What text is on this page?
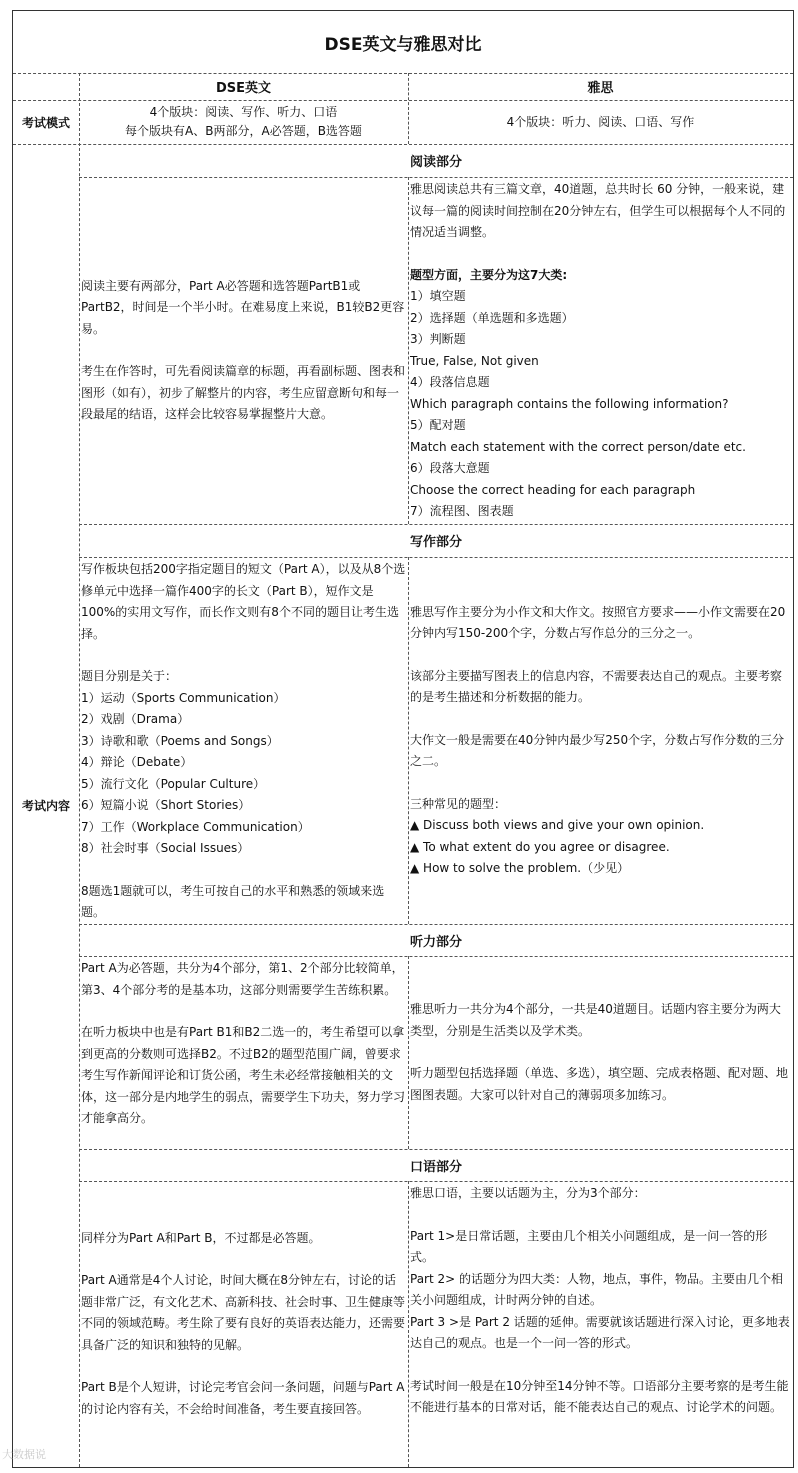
DSE英文与雅思对比
DSE英文	雅思
考试模式
4个版块：阅读、写作、听力、口语
每个版块有A、B两部分，A必答题，B选答题
4个版块：听力、阅读、口语、写作
考试内容
阅读部分

阅读主要有两部分，Part A必答题和选答题PartB1或PartB2，时间是一个半小时。在难易度上来说，B1较B2更容易。

考生在作答时，可先看阅读篇章的标题，再看副标题、图表和图形（如有），初步了解整片的内容，考生应留意断句和每一段最尾的结语，这样会比较容易掌握整片大意。

雅思阅读总共有三篇文章，40道题，总共时长 60 分钟，一般来说，建议每一篇的阅读时间控制在20分钟左右，但学生可以根据每个人不同的情况适当调整。

题型方面，主要分为这7大类:

1）填空题

2）选择题（单选题和多选题）

3）判断题

True, False, Not given

4）段落信息题

Which paragraph contains the following information?

5）配对题

Match each statement with the correct person/date etc.

6）段落大意题

Choose the correct heading for each paragraph

7）流程图、图表题

写作部分

写作板块包括200字指定题目的短文（Part A），以及从8个选修单元中选择一篇作400字的长文（Part B），短作文是100%的实用文写作，而长作文则有8个不同的题目让考生选择。

题目分别是关于：

1）运动（Sports Communication）

2）戏剧（Drama）

3）诗歌和歌（Poems and Songs）

4）辩论（Debate）

5）流行文化（Popular Culture）

6）短篇小说（Short Stories）

7）工作（Workplace Communication）

8）社会时事（Social Issues）

8题选1题就可以，考生可按自己的水平和熟悉的领域来选题。

雅思写作主要分为小作文和大作文。按照官方要求——小作文需要在20分钟内写150-200个字，分数占写作总分的三分之一。

该部分主要描写图表上的信息内容，不需要表达自己的观点。主要考察的是考生描述和分析数据的能力。

大作文一般是需要在40分钟内最少写250个字，分数占写作分数的三分之二。

三种常见的题型：

▲ Discuss both views and give your own opinion.

▲ To what extent do you agree or disagree.

▲ How to solve the problem.（少见）

听力部分

Part A为必答题，共分为4个部分，第1、2个部分比较简单，第3、4个部分考的是基本功，这部分则需要学生苦练积累。

在听力板块中也是有Part B1和B2二选一的，考生希望可以拿到更高的分数则可选择B2。不过B2的题型范围广阔，曾要求考生写作新闻评论和订货公函，考生未必经常接触相关的文体，这一部分是内地学生的弱点，需要学生下功夫，努力学习才能拿高分。

雅思听力一共分为4个部分，一共是40道题目。话题内容主要分为两大类型，分别是生活类以及学术类。

听力题型包括选择题（单选、多选），填空题、完成表格题、配对题、地图图表题。大家可以针对自己的薄弱项多加练习。

口语部分

同样分为Part A和Part B，不过都是必答题。

Part A通常是4个人讨论，时间大概在8分钟左右，讨论的话题非常广泛，有文化艺术、高新科技、社会时事、卫生健康等不同的领域范畴。考生除了要有良好的英语表达能力，还需要具备广泛的知识和独特的见解。

Part B是个人短讲，讨论完考官会问一条问题，问题与Part A的讨论内容有关，不会给时间准备，考生要直接回答。

雅思口语，主要以话题为主，分为3个部分：

Part 1>是日常话题，主要由几个相关小问题组成，是一问一答的形式。

Part 2> 的话题分为四大类：人物，地点，事件，物品。主要由几个相关小问题组成，计时两分钟的自述。

Part 3 >是 Part 2 话题的延伸。需要就该话题进行深入讨论，更多地表达自己的观点。也是一个一问一答的形式。

考试时间一般是在10分钟至14分钟不等。口语部分主要考察的是考生能不能进行基本的日常对话，能不能表达自己的观点、讨论学术的问题。

大数据说
